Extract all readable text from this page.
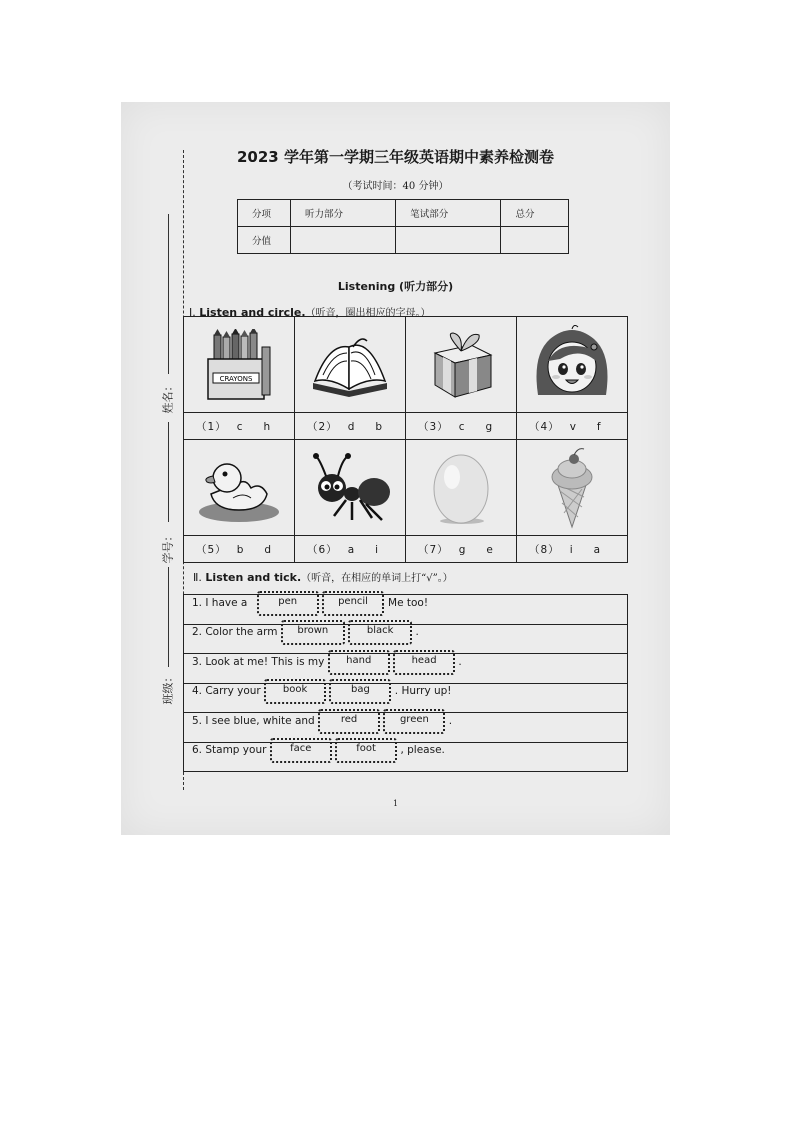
姓名：
学号：
班级：
2023 学年第一学期三年级英语期中素养检测卷
（考试时间：40 分钟）
分项	听力部分	笔试部分	总分
分值			
Listening (听力部分)
Ⅰ. Listen and circle.（听音，圈出相应的字母。）
CRAYONS

（1） c h	（2） d b	（3） c g	（4） v f

（5） b d	（6） a i	（7） g e	（8） i a
Ⅱ. Listen and tick.（听音，在相应的单词上打“√”。）
1. I have a	pen	pencil . Me too!
2. Color the arm brown	black .
3. Look at me! This is my hand	head .
4. Carry your book	bag . Hurry up!
5. I see blue, white and	red	green .
6. Stamp your face	foot , please.
1
